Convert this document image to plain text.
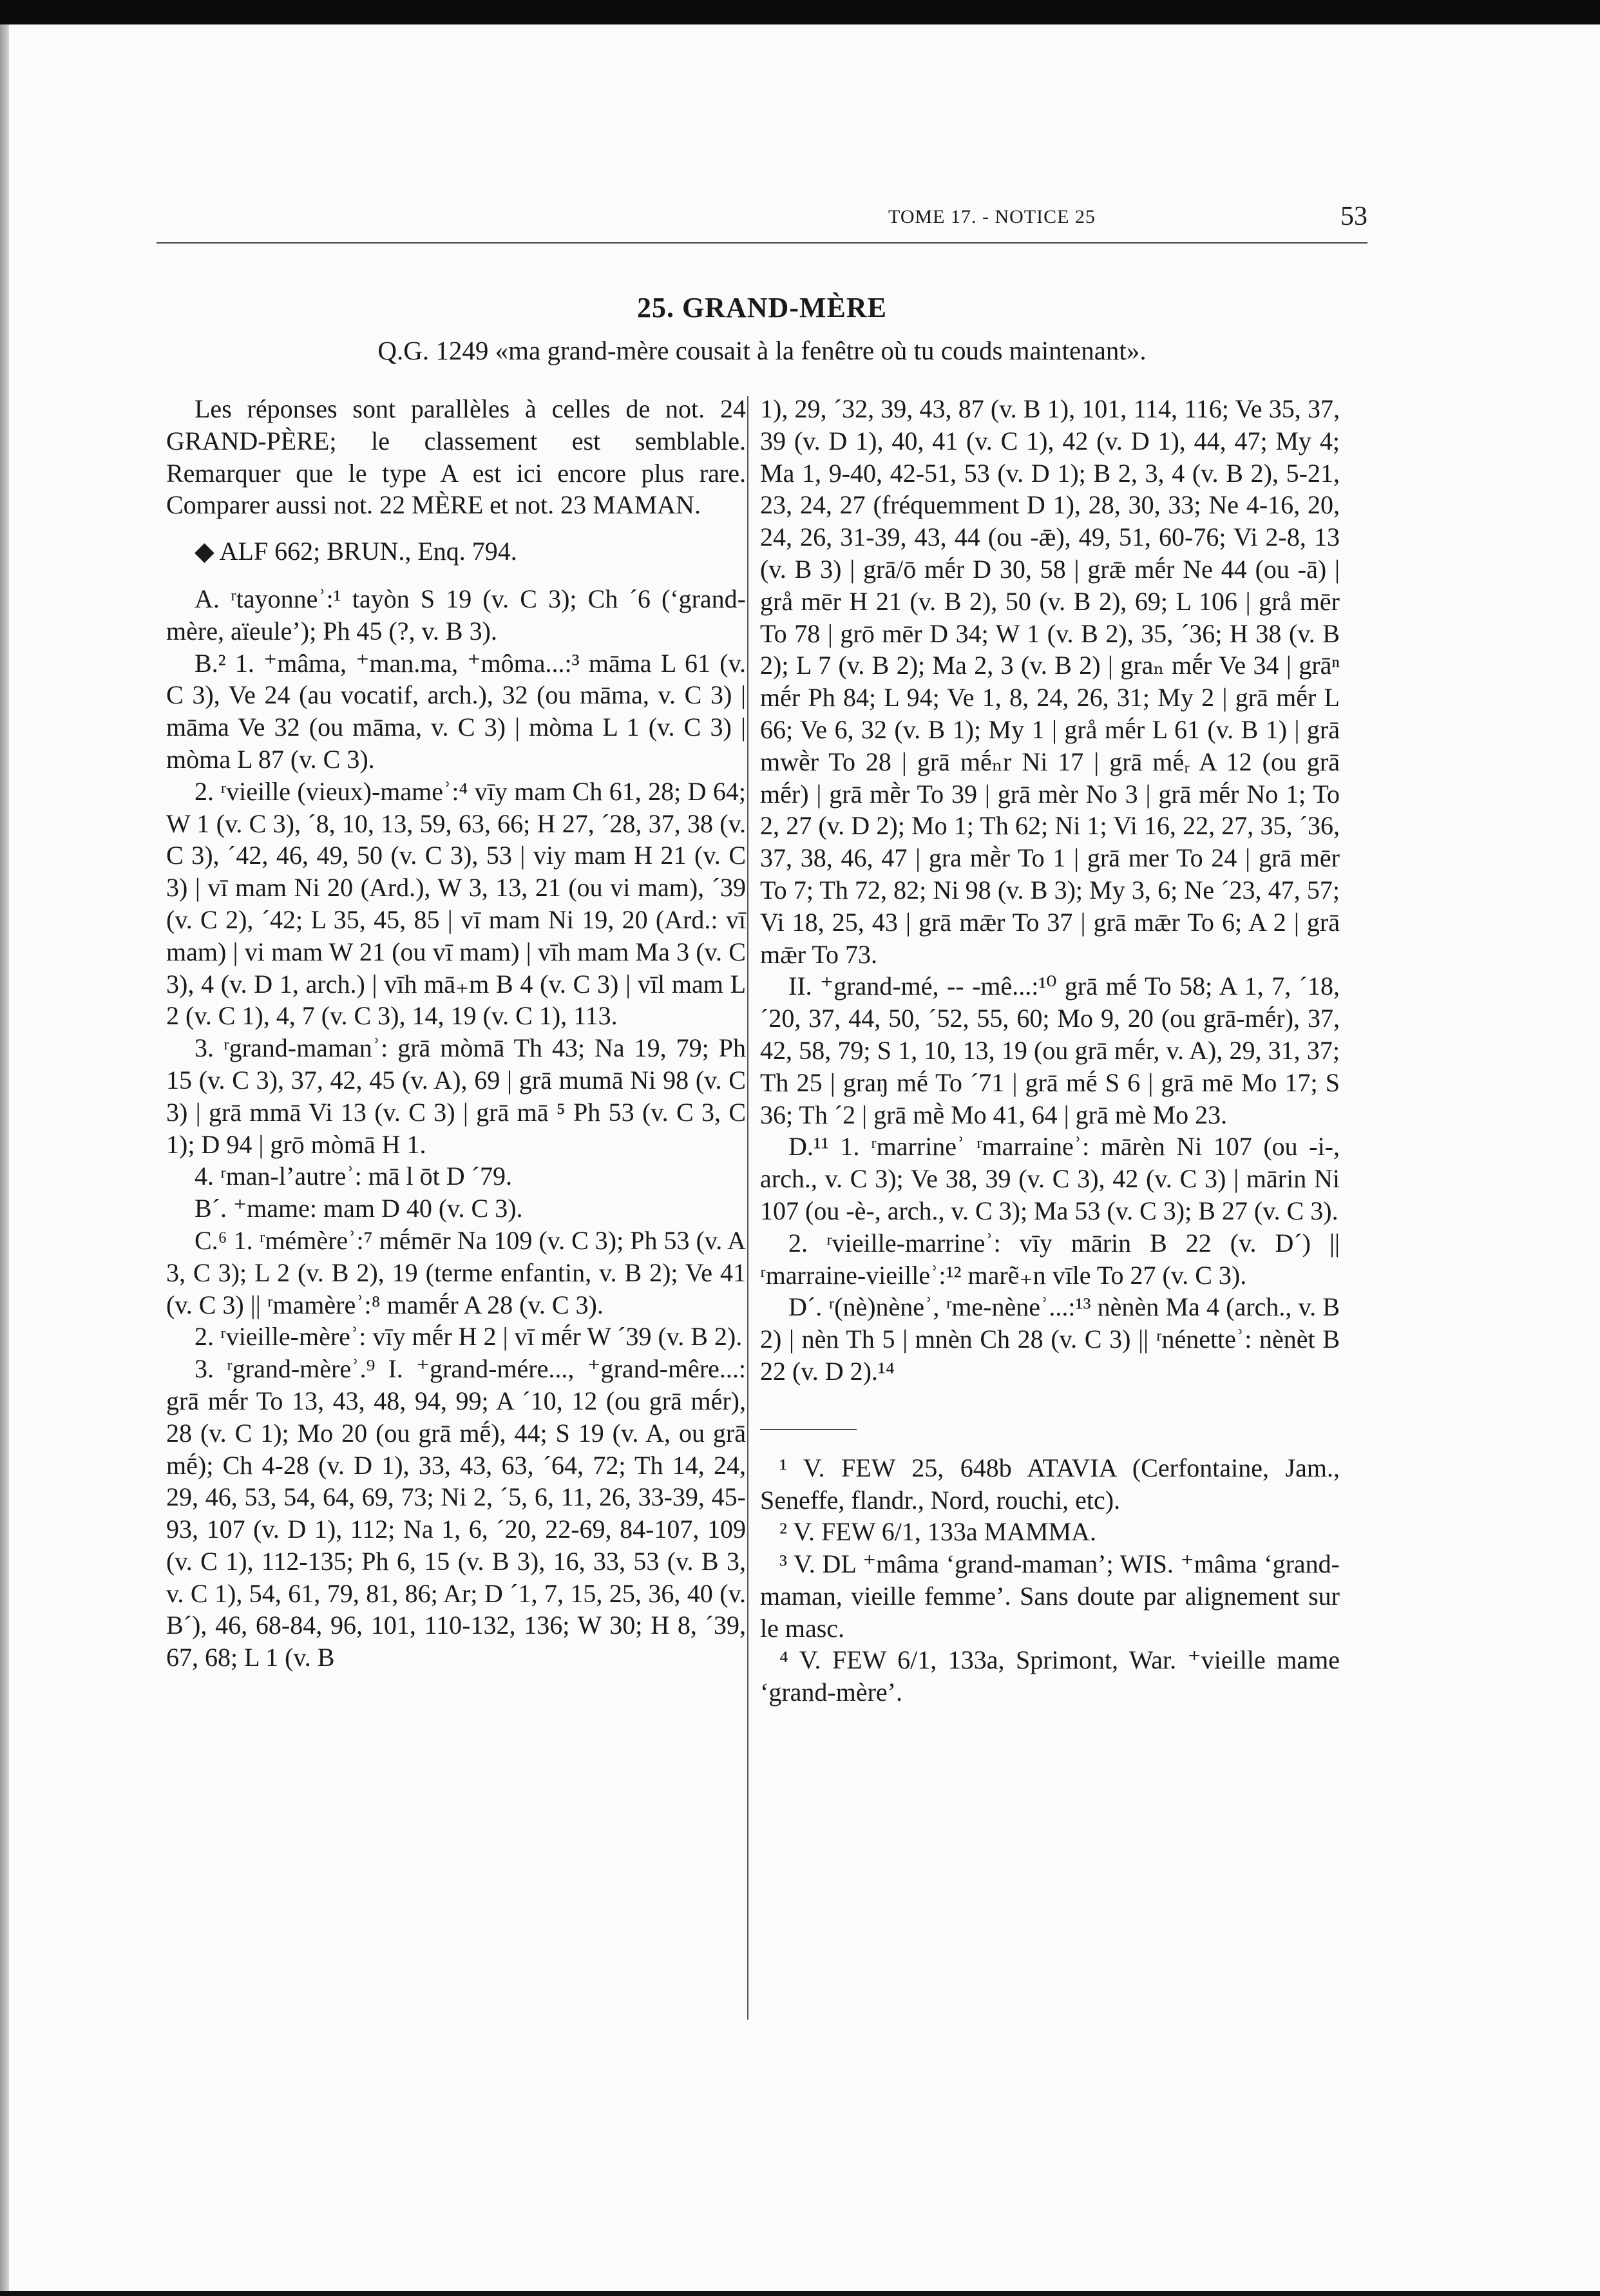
TOME 17. - NOTICE 25	53
25. GRAND-MÈRE
Q.G. 1249 «ma grand-mère cousait à la fenêtre où tu couds maintenant».

Les réponses sont parallèles à celles de not. 24 GRAND-PÈRE; le classement est semblable. Remarquer que le type A est ici encore plus rare. Comparer aussi not. 22 MÈRE et not. 23 MAMAN.

◆ ALF 662; BRUN., Enq. 794.

A. ʳtayonneʾ:¹ tayòn S 19 (v. C 3); Ch ´6 (‘grand-mère, aïeule’); Ph 45 (?, v. B 3).

B.² 1. ⁺mâma, ⁺man.ma, ⁺môma...:³ māma L 61 (v. C 3), Ve 24 (au vocatif, arch.), 32 (ou māma, v. C 3) | māma Ve 32 (ou māma, v. C 3) | mòma L 1 (v. C 3) | mòma L 87 (v. C 3).

2. ʳvieille (vieux)-mameʾ:⁴ vīy mam Ch 61, 28; D 64; W 1 (v. C 3), ´8, 10, 13, 59, 63, 66; H 27, ´28, 37, 38 (v. C 3), ´42, 46, 49, 50 (v. C 3), 53 | viy mam H 21 (v. C 3) | vī mam Ni 20 (Ard.), W 3, 13, 21 (ou vi mam), ´39 (v. C 2), ´42; L 35, 45, 85 | vī mam Ni 19, 20 (Ard.: vī mam) | vi mam W 21 (ou vī mam) | vīh mam Ma 3 (v. C 3), 4 (v. D 1, arch.) | vīh mā₊m B 4 (v. C 3) | vīl mam L 2 (v. C 1), 4, 7 (v. C 3), 14, 19 (v. C 1), 113.

3. ʳgrand-mamanʾ: grā mòmā Th 43; Na 19, 79; Ph 15 (v. C 3), 37, 42, 45 (v. A), 69 | grā mumā Ni 98 (v. C 3) | grā mmā Vi 13 (v. C 3) | grā mā ⁵ Ph 53 (v. C 3, C 1); D 94 | grō mòmā H 1.

4. ʳman-l’autreʾ: mā l ōt D ´79.

B´. ⁺mame: mam D 40 (v. C 3).

C.⁶ 1. ʳmémèreʾ:⁷ mḗmēr Na 109 (v. C 3); Ph 53 (v. A 3, C 3); L 2 (v. B 2), 19 (terme enfantin, v. B 2); Ve 41 (v. C 3) || ʳmamèreʾ:⁸ mamḗr A 28 (v. C 3).

2. ʳvieille-mèreʾ: vīy mḗr H 2 | vī mḗr W ´39 (v. B 2).

3. ʳgrand-mèreʾ.⁹ I. ⁺grand-mére..., ⁺grand-mêre...: grā mḗr To 13, 43, 48, 94, 99; A ´10, 12 (ou grā mḗr), 28 (v. C 1); Mo 20 (ou grā mḗ), 44; S 19 (v. A, ou grā mḗ); Ch 4-28 (v. D 1), 33, 43, 63, ´64, 72; Th 14, 24, 29, 46, 53, 54, 64, 69, 73; Ni 2, ´5, 6, 11, 26, 33-39, 45-93, 107 (v. D 1), 112; Na 1, 6, ´20, 22-69, 84-107, 109 (v. C 1), 112-135; Ph 6, 15 (v. B 3), 16, 33, 53 (v. B 3, v. C 1), 54, 61, 79, 81, 86; Ar; D ´1, 7, 15, 25, 36, 40 (v. B´), 46, 68-84, 96, 101, 110-132, 136; W 30; H 8, ´39, 67, 68; L 1 (v. B

1), 29, ´32, 39, 43, 87 (v. B 1), 101, 114, 116; Ve 35, 37, 39 (v. D 1), 40, 41 (v. C 1), 42 (v. D 1), 44, 47; My 4; Ma 1, 9-40, 42-51, 53 (v. D 1); B 2, 3, 4 (v. B 2), 5-21, 23, 24, 27 (fréquemment D 1), 28, 30, 33; Ne 4-16, 20, 24, 26, 31-39, 43, 44 (ou -ǣ), 49, 51, 60-76; Vi 2-8, 13 (v. B 3) | grā/ō mḗr D 30, 58 | grǣ mḗr Ne 44 (ou -ā) | grå mēr H 21 (v. B 2), 50 (v. B 2), 69; L 106 | grå mēr To 78 | grō mēr D 34; W 1 (v. B 2), 35, ´36; H 38 (v. B 2); L 7 (v. B 2); Ma 2, 3 (v. B 2) | graₙ mḗr Ve 34 | grāⁿ mḗr Ph 84; L 94; Ve 1, 8, 24, 26, 31; My 2 | grā mḗr L 66; Ve 6, 32 (v. B 1); My 1 | grå mḗr L 61 (v. B 1) | grā mwḕr To 28 | grā mḗₙr Ni 17 | grā mḗᵣ A 12 (ou grā mḗr) | grā mḕr To 39 | grā mèr No 3 | grā mḗr No 1; To 2, 27 (v. D 2); Mo 1; Th 62; Ni 1; Vi 16, 22, 27, 35, ´36, 37, 38, 46, 47 | gra mḕr To 1 | grā mer To 24 | grā mēr To 7; Th 72, 82; Ni 98 (v. B 3); My 3, 6; Ne ´23, 47, 57; Vi 18, 25, 43 | grā mǣr To 37 | grā mǣr To 6; A 2 | grā mǣr To 73.

II. ⁺grand-mé, -- -mê...:¹⁰ grā mḗ To 58; A 1, 7, ´18, ´20, 37, 44, 50, ´52, 55, 60; Mo 9, 20 (ou grā-mḗr), 37, 42, 58, 79; S 1, 10, 13, 19 (ou grā mḗr, v. A), 29, 31, 37; Th 25 | graŋ mḗ To ´71 | grā mḗ S 6 | grā mē Mo 17; S 36; Th ´2 | grā mḕ Mo 41, 64 | grā mè Mo 23.

D.¹¹ 1. ʳmarrineʾ ʳmarraineʾ: mārèn Ni 107 (ou -i-, arch., v. C 3); Ve 38, 39 (v. C 3), 42 (v. C 3) | mārin Ni 107 (ou -è-, arch., v. C 3); Ma 53 (v. C 3); B 27 (v. C 3).

2. ʳvieille-marrineʾ: vīy mārin B 22 (v. D´) || ʳmarraine-vieilleʾ:¹² marẽ₊n vīle To 27 (v. C 3).

D´. ʳ(nè)nèneʾ, ʳme-nèneʾ...:¹³ nènèn Ma 4 (arch., v. B 2) | nèn Th 5 | mnèn Ch 28 (v. C 3) || ʳnénetteʾ: nènèt B 22 (v. D 2).¹⁴

¹ V. FEW 25, 648b ATAVIA (Cerfontaine, Jam., Seneffe, flandr., Nord, rouchi, etc).

² V. FEW 6/1, 133a MAMMA.

³ V. DL ⁺mâma ‘grand-maman’; WIS. ⁺mâma ‘grand-maman, vieille femme’. Sans doute par alignement sur le masc.

⁴ V. FEW 6/1, 133a, Sprimont, War. ⁺vieille mame ‘grand-mère’.
